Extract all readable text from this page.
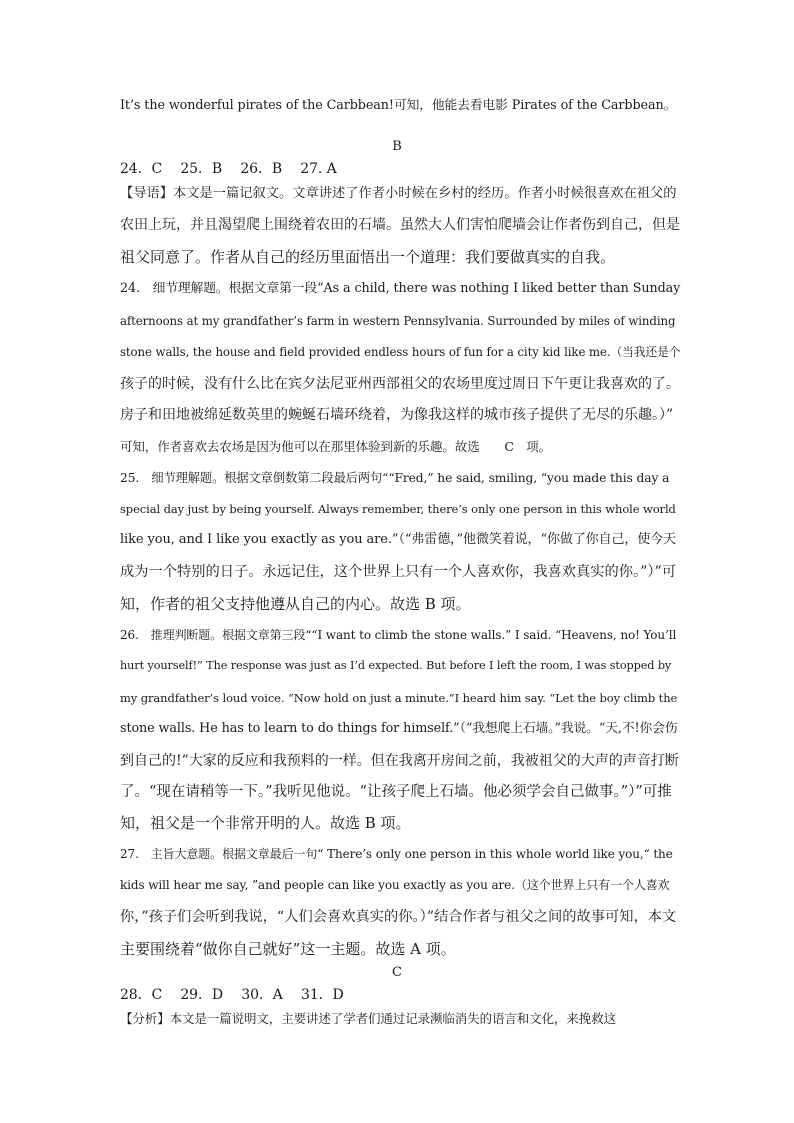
It’s the wonderful pirates of the Carbbean!可知，他能去看电影 Pirates of the Carbbean。
B
24．C　 25．B　 26．B　 27. A
【导语】本文是一篇记叙文。文章讲述了作者小时候在乡村的经历。作者小时候很喜欢在祖父的
农田上玩，并且渴望爬上围绕着农田的石墙。虽然大人们害怕爬墙会让作者伤到自己，但是
祖父同意了。作者从自己的经历里面悟出一个道理：我们要做真实的自我。
24.　细节理解题。根据文章第一段“As a child, there was nothing I liked better than Sunday
afternoons at my grandfather’s farm in western Pennsylvania. Surrounded by miles of winding
stone walls, the house and field provided endless hours of fun for a city kid like me.（当我还是个
孩子的时候，没有什么比在宾夕法尼亚州西部祖父的农场里度过周日下午更让我喜欢的了。
房子和田地被绵延数英里的蜿蜒石墙环绕着，为像我这样的城市孩子提供了无尽的乐趣。）”
可知，作者喜欢去农场是因为他可以在那里体验到新的乐趣。故选　　C　项。
25.　细节理解题。根据文章倒数第二段最后两句““Fred,” he said, smiling, “you made this day a
special day just by being yourself. Always remember, there’s only one person in this whole world
like you, and I like you exactly as you are.”（“弗雷德，”他微笑着说，“你做了你自己，使今天
成为一个特别的日子。永远记住，这个世界上只有一个人喜欢你，我喜欢真实的你。”）”可
知，作者的祖父支持他遵从自己的内心。故选 B 项。
26.　推理判断题。根据文章第三段““I want to climb the stone walls.” I said. “Heavens, no! You’ll
hurt yourself!” The response was just as I’d expected. But before I left the room, I was stopped by
my grandfather’s loud voice. “Now hold on just a minute.”I heard him say. “Let the boy climb the
stone walls. He has to learn to do things for himself.”（“我想爬上石墙。”我说。“天,不!你会伤
到自己的!”大家的反应和我预料的一样。但在我离开房间之前，我被祖父的大声的声音打断
了。“现在请稍等一下。”我听见他说。“让孩子爬上石墙。他必须学会自己做事。”）”可推
知，祖父是一个非常开明的人。故选 B 项。
27.　主旨大意题。根据文章最后一句“ There’s only one person in this whole world like you,“ the
kids will hear me say, ”and people can like you exactly as you are.（这个世界上只有一个人喜欢
你，”孩子们会听到我说，“人们会喜欢真实的你。）”结合作者与祖父之间的故事可知，本文
主要围绕着“做你自己就好”这一主题。故选 A 项。
C
28．C　 29．D　 30．A　 31．D
【分析】本文是一篇说明文，主要讲述了学者们通过记录濒临消失的语言和文化，来挽救这
